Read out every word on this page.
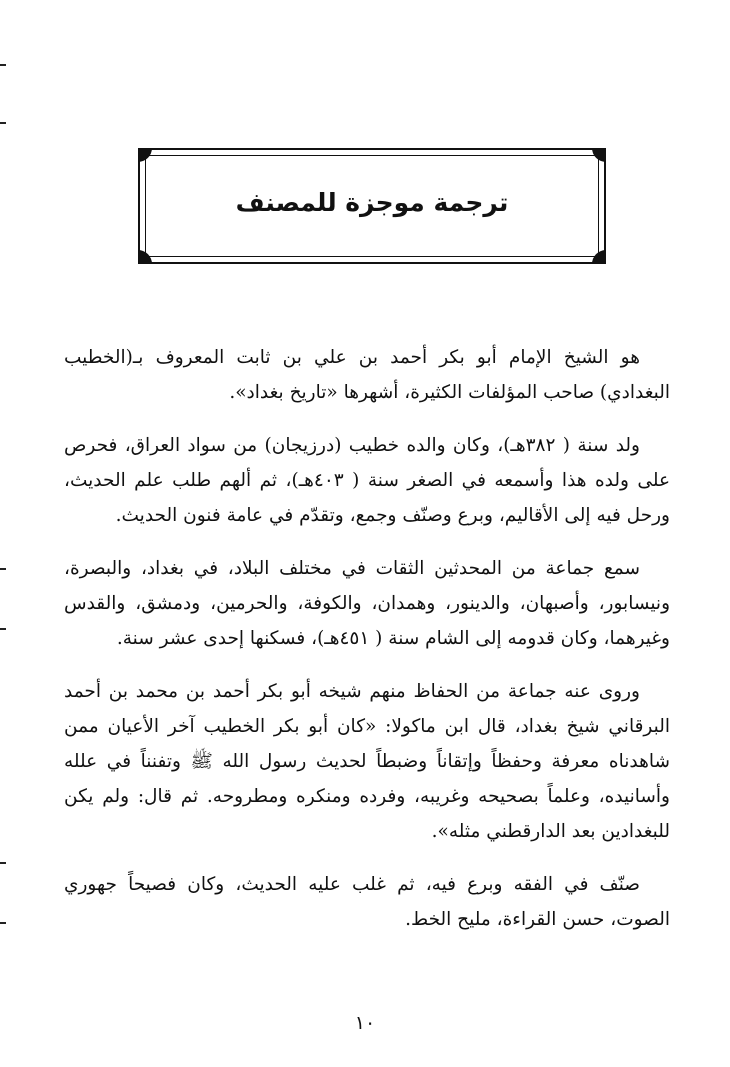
ترجمة موجزة للمصنف

هو الشيخ الإمام أبو بكر أحمد بن علي بن ثابت المعروف بـ(الخطيب البغدادي) صاحب المؤلفات الكثيرة، أشهرها «تاريخ بغداد».

ولد سنة ( ٣٨٢هـ)، وكان والده خطيب (درزيجان) من سواد العراق، فحرص على ولده هذا وأسمعه في الصغر سنة ( ٤٠٣هـ)، ثم ألهم طلب علم الحديث، ورحل فيه إلى الأقاليم، وبرع وصنّف وجمع، وتقدّم في عامة فنون الحديث.

سمع جماعة من المحدثين الثقات في مختلف البلاد، في بغداد، والبصرة، ونيسابور، وأصبهان، والدينور، وهمدان، والكوفة، والحرمين، ودمشق، والقدس وغيرهما، وكان قدومه إلى الشام سنة ( ٤٥١هـ)، فسكنها إحدى عشر سنة.

وروى عنه جماعة من الحفاظ منهم شيخه أبو بكر أحمد بن محمد بن أحمد البرقاني شيخ بغداد، قال ابن ماكولا: «كان أبو بكر الخطيب آخر الأعيان ممن شاهدناه معرفة وحفظاً وإتقاناً وضبطاً لحديث رسول الله ﷺ وتفنناً في علله وأسانيده، وعلماً بصحيحه وغريبه، وفرده ومنكره ومطروحه. ثم قال: ولم يكن للبغدادين بعد الدارقطني مثله».

صنّف في الفقه وبرع فيه، ثم غلب عليه الحديث، وكان فصيحاً جهوري الصوت، حسن القراءة، مليح الخط.

١٠
